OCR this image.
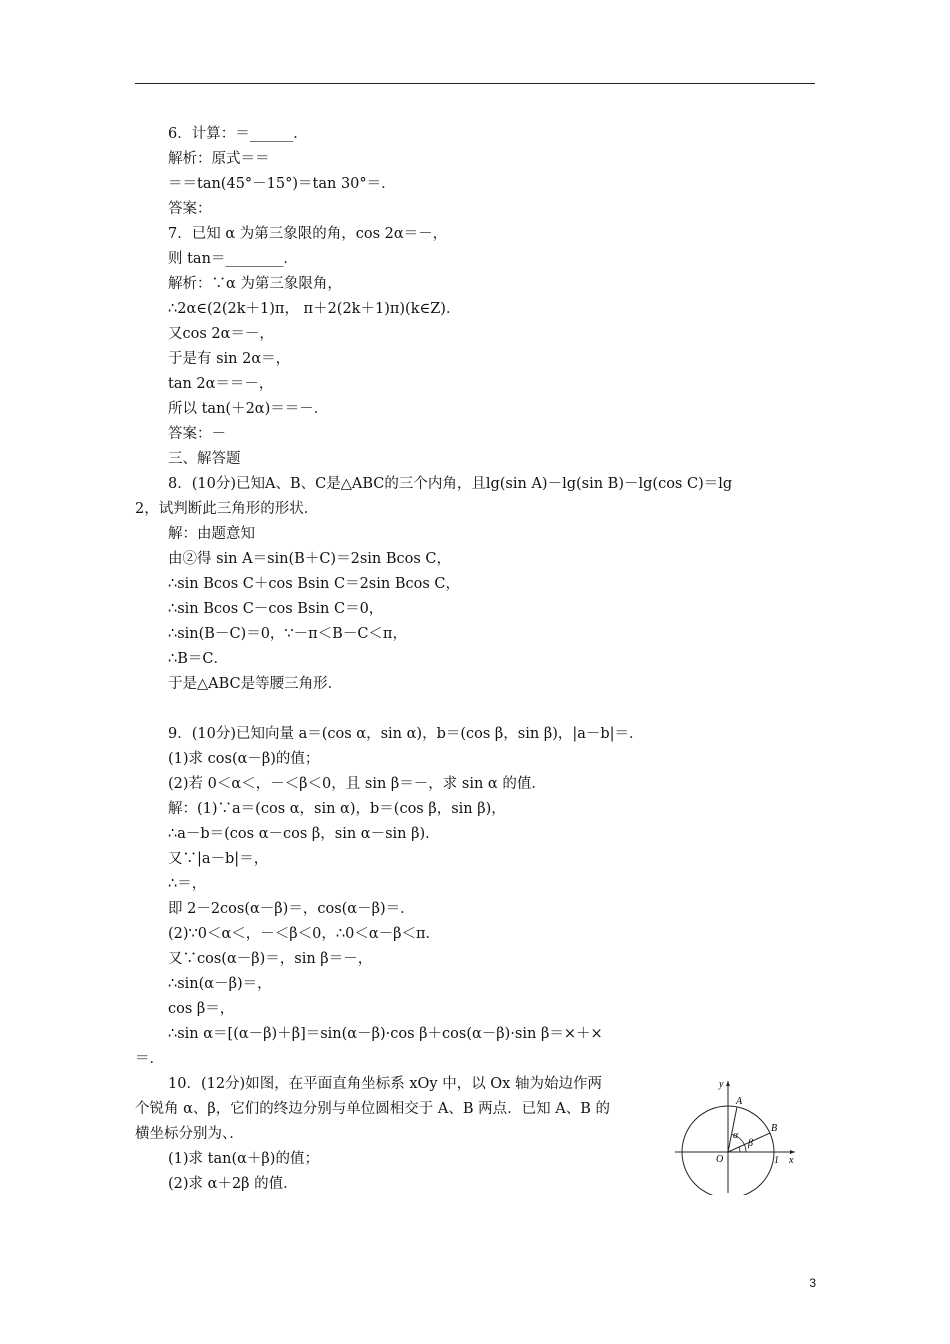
6．计算：＝______．
解析：原式＝＝
＝＝tan(45°－15°)＝tan 30°＝．
答案：
7．已知 α 为第三象限的角，cos 2α＝－，
则 tan＝________．
解析：∵α 为第三象限角，
∴2α∈(2(2k＋1)π， π＋2(2k＋1)π)(k∈Z)．
又cos 2α＝－，
于是有 sin 2α＝，
tan 2α＝＝－，
所以 tan(＋2α)＝＝－．
答案：－
三、解答题
8．(10分)已知A、B、C是△ABC的三个内角，且lg(sin A)－lg(sin B)－lg(cos C)＝lg
2，试判断此三角形的形状．
解：由题意知
由②得 sin A＝sin(B＋C)＝2sin Bcos C，
∴sin Bcos C＋cos Bsin C＝2sin Bcos C，
∴sin Bcos C－cos Bsin C＝0，
∴sin(B－C)＝0，∵－π＜B－C＜π，
∴B＝C．
于是△ABC是等腰三角形．
9．(10分)已知向量 a＝(cos α，sin α)，b＝(cos β，sin β)，|a－b|＝．
(1)求 cos(α－β)的值；
(2)若 0＜α＜，－＜β＜0，且 sin β＝－，求 sin α 的值．
解：(1)∵a＝(cos α，sin α)，b＝(cos β，sin β)，
∴a－b＝(cos α－cos β，sin α－sin β)．
又∵|a－b|＝，
∴＝，
即 2－2cos(α－β)＝，cos(α－β)＝．
(2)∵0＜α＜，－＜β＜0，∴0＜α－β＜π．
又∵cos(α－β)＝，sin β＝－，
∴sin(α－β)＝，
cos β＝，
∴sin α＝[(α－β)＋β]＝sin(α－β)·cos β＋cos(α－β)·sin β＝×＋×
＝．
10．(12分)如图，在平面直角坐标系 xOy 中，以 Ox 轴为始边作两
个锐角 α、β，它们的终边分别与单位圆相交于 A、B 两点．已知 A、B 的
横坐标分别为、．
(1)求 tan(α＋β)的值；
(2)求 α＋2β 的值．
y
x
O	1
A
B
α
β
3
